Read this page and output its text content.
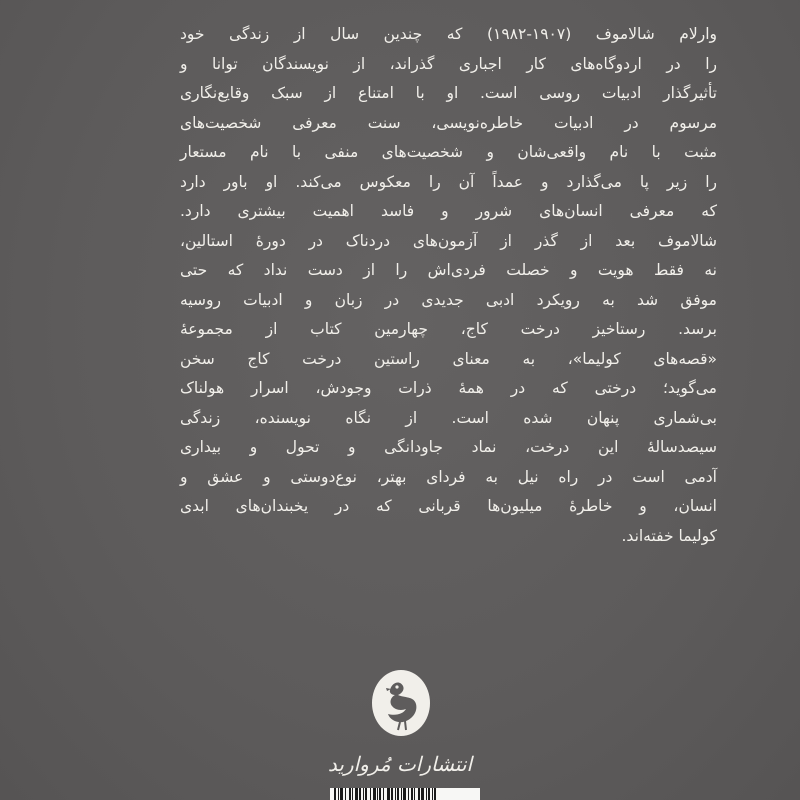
وارلام شالاموف (۱۹۰۷-۱۹۸۲) که چندین سال از زندگی خود
را در اردوگاه‌های کار اجباری گذراند، از نویسندگان توانا و
تأثیرگذار ادبیات روسی است. او با امتناع از سبک وقایع‌نگاری
مرسوم در ادبیات خاطره‌نویسی، سنت معرفی شخصیت‌های
مثبت با نام واقعی‌شان و شخصیت‌های منفی با نام مستعار
را زیر پا می‌گذارد و عمداً آن را معکوس می‌کند. او باور دارد
که معرفی انسان‌های شرور و فاسد اهمیت بیشتری دارد.
شالاموف بعد از گذر از آزمون‌های دردناک در دورهٔ استالین،
نه فقط هویت و خصلت فردی‌اش را از دست نداد که حتی
موفق شد به رویکرد ادبی جدیدی در زبان و ادبیات روسیه
برسد. رستاخیز درخت کاج، چهارمین کتاب از مجموعهٔ
«قصه‌های کولیما»، به معنای راستین درخت کاج سخن
می‌گوید؛ درختی که در همهٔ ذرات وجودش، اسرار هولناک
بی‌شماری پنهان شده است. از نگاه نویسنده، زندگی
سیصدسالهٔ این درخت، نماد جاودانگی و تحول و بیداری
آدمی است در راه نیل به فردای بهتر، نوع‌دوستی و عشق و
انسان، و خاطرهٔ میلیون‌ها قربانی که در یخبندان‌های ابدی
کولیما خفته‌اند.
انتشارات مُروارید
